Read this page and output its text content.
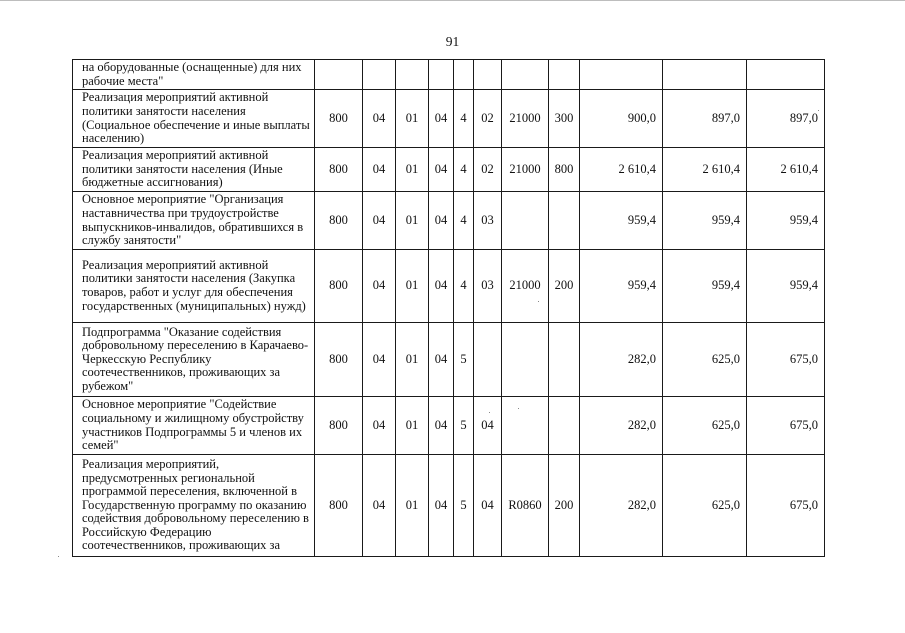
91
на оборудованные (оснащенные) для них рабочие места"											
Реализация мероприятий активной политики занятости населения (Социальное обеспечение и иные выплаты населению)	800	04	01	04	4	02	21000	300	900,0	897,0	897,0
Реализация мероприятий активной политики занятости населения (Иные бюджетные ассигнования)	800	04	01	04	4	02	21000	800	2 610,4	2 610,4	2 610,4
Основное мероприятие "Организация наставничества при трудоустройстве выпускников-инвалидов, обратившихся в службу занятости"	800	04	01	04	4	03			959,4	959,4	959,4
Реализация мероприятий активной политики занятости населения (Закупка товаров, работ и услуг для обеспечения государственных (муниципальных) нужд)	800	04	01	04	4	03	21000	200	959,4	959,4	959,4
Подпрограмма "Оказание содействия добровольному переселению в Карачаево-Черкесскую Республику соотечественников, проживающих за рубежом"	800	04	01	04	5				282,0	625,0	675,0
Основное мероприятие "Содействие социальному и жилищному обустройству участников Подпрограммы 5 и членов их семей"	800	04	01	04	5	04			282,0	625,0	675,0
Реализация мероприятий, предусмотренных региональной программой переселения, включенной в Государственную программу по оказанию содействия добровольному переселению в Российскую Федерацию соотечественников, проживающих за	800	04	01	04	5	04	R0860	200	282,0	625,0	675,0
